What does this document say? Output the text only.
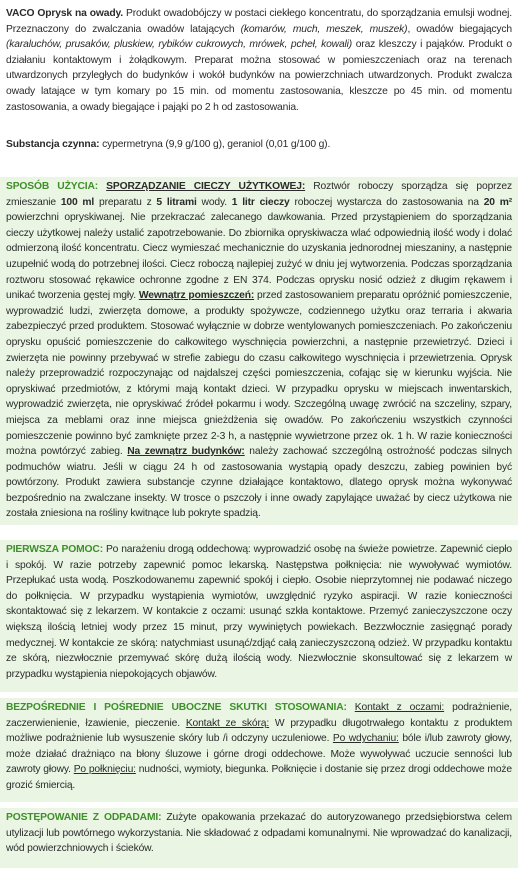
VACO Oprysk na owady. Produkt owadobójczy w postaci ciekłego koncentratu, do sporządzania emulsji wodnej. Przeznaczony do zwalczania owadów latających (komarów, much, meszek, muszek), owadów biegających (karaluchów, prusaków, pluskiew, rybików cukrowych, mrówek, pcheł, kowali) oraz kleszczy i pająków. Produkt o działaniu kontaktowym i żołądkowym. Preparat można stosować w pomieszczeniach oraz na terenach utwardzonych przyległych do budynków i wokół budynków na powierzchniach utwardzonych. Produkt zwalcza owady latające w tym komary po 15 min. od momentu zastosowania, kleszcze po 45 min. od momentu zastosowania, a owady biegające i pająki po 2 h od zastosowania.

Substancja czynna: cypermetryna (9,9 g/100 g), geraniol (0,01 g/100 g).

SPOSÓB UŻYCIA: SPORZĄDZANIE CIECZY UŻYTKOWEJ: Roztwór roboczy sporządza się poprzez zmieszanie 100 ml preparatu z 5 litrami wody. 1 litr cieczy roboczej wystarcza do zastosowania na 20 m² powierzchni opryskiwanej. Nie przekraczać zalecanego dawkowania. Przed przystąpieniem do sporządzania cieczy użytkowej należy ustalić zapotrzebowanie. Do zbiornika opryskiwacza wlać odpowiednią ilość wody i dolać odmierzoną ilość koncentratu. Ciecz wymieszać mechanicznie do uzyskania jednorodnej mieszaniny, a następnie uzupełnić wodą do potrzebnej ilości. Ciecz roboczą najlepiej zużyć w dniu jej wytworzenia. Podczas sporządzania roztworu stosować rękawice ochronne zgodne z EN 374. Podczas oprysku nosić odzież z długim rękawem i unikać tworzenia gęstej mgły. Wewnątrz pomieszczeń: przed zastosowaniem preparatu opróżnić pomieszczenie, wyprowadzić ludzi, zwierzęta domowe, a produkty spożywcze, codziennego użytku oraz terraria i akwaria zabezpieczyć przed produktem. Stosować wyłącznie w dobrze wentylowanych pomieszczeniach. Po zakończeniu oprysku opuścić pomieszczenie do całkowitego wyschnięcia powierzchni, a następnie przewietrzyć. Dzieci i zwierzęta nie powinny przebywać w strefie zabiegu do czasu całkowitego wyschnięcia i przewietrzenia. Oprysk należy przeprowadzić rozpoczynając od najdalszej części pomieszczenia, cofając się w kierunku wyjścia. Nie opryskiwać przedmiotów, z którymi mają kontakt dzieci. W przypadku oprysku w miejscach inwentarskich, wyprowadzić zwierzęta, nie opryskiwać źródeł pokarmu i wody. Szczególną uwagę zwrócić na szczeliny, szpary, miejsca za meblami oraz inne miejsca gnieżdżenia się owadów. Po zakończeniu wszystkich czynności pomieszczenie powinno być zamknięte przez 2-3 h, a następnie wywietrzone przez ok. 1 h. W razie konieczności można powtórzyć zabieg. Na zewnątrz budynków: należy zachować szczególną ostrożność podczas silnych podmuchów wiatru. Jeśli w ciągu 24 h od zastosowania wystąpią opady deszczu, zabieg powinien być powtórzony. Produkt zawiera substancje czynne działające kontaktowo, dlatego oprysk można wykonywać bezpośrednio na zwalczane insekty. W trosce o pszczoły i inne owady zapylające uważać by ciecz użytkowa nie została zniesiona na rośliny kwitnące lub pokryte spadzią.

PIERWSZA POMOC: Po narażeniu drogą oddechową: wyprowadzić osobę na świeże powietrze. Zapewnić ciepło i spokój. W razie potrzeby zapewnić pomoc lekarską. Następstwa połknięcia: nie wywoływać wymiotów. Przepłukać usta wodą. Poszkodowanemu zapewnić spokój i ciepło. Osobie nieprzytomnej nie podawać niczego do połknięcia. W przypadku wystąpienia wymiotów, uwzględnić ryzyko aspiracji. W razie konieczności skontaktować się z lekarzem. W kontakcie z oczami: usunąć szkła kontaktowe. Przemyć zanieczyszczone oczy większą ilością letniej wody przez 15 minut, przy wywiniętych powiekach. Bezzwłocznie zasięgnąć porady medycznej. W kontakcie ze skórą: natychmiast usunąć/zdjąć całą zanieczyszczoną odzież. W przypadku kontaktu ze skórą, niezwłocznie przemywać skórę dużą ilością wody. Niezwłocznie skonsultować się z lekarzem w przypadku wystąpienia niepokojących objawów.

BEZPOŚREDNIE I POŚREDNIE UBOCZNE SKUTKI STOSOWANIA: Kontakt z oczami: podrażnienie, zaczerwienienie, łzawienie, pieczenie. Kontakt ze skórą: W przypadku długotrwałego kontaktu z produktem możliwe podrażnienie lub wysuszenie skóry lub /i odczyny uczuleniowe. Po wdychaniu: bóle i/lub zawroty głowy, może działać drażniąco na błony śluzowe i górne drogi oddechowe. Może wywoływać uczucie senności lub zawroty głowy. Po połknięciu: nudności, wymioty, biegunka. Połknięcie i dostanie się przez drogi oddechowe może grozić śmiercią.

POSTĘPOWANIE Z ODPADAMI: Zużyte opakowania przekazać do autoryzowanego przedsiębiorstwa celem utylizacji lub powtórnego wykorzystania. Nie składować z odpadami komunalnymi. Nie wprowadzać do kanalizacji, wód powierzchniowych i ścieków.
